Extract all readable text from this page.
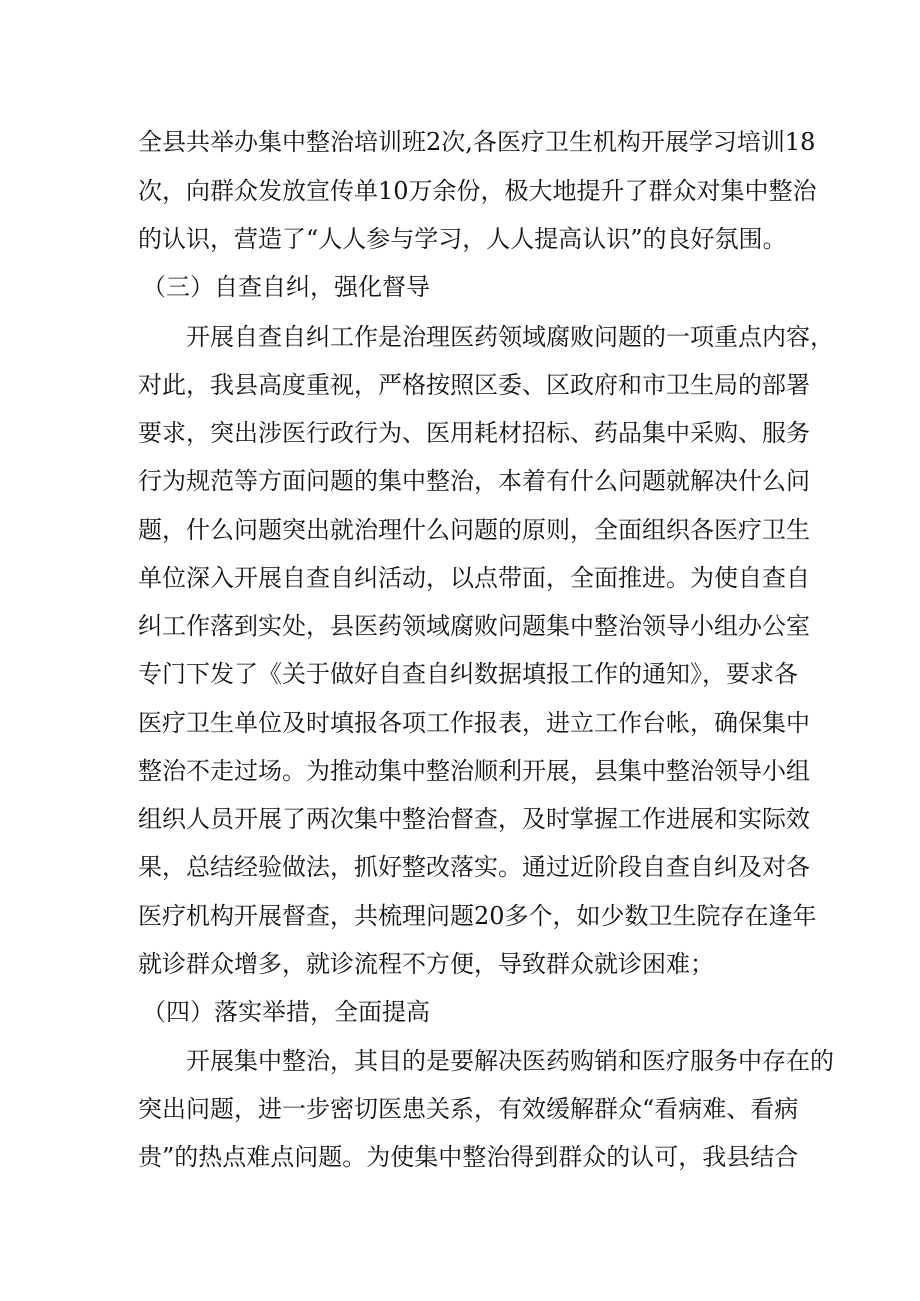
全县共举办集中整治培训班2次,各医疗卫生机构开展学习培训18
次，向群众发放宣传单10万余份，极大地提升了群众对集中整治
的认识，营造了“人人参与学习，人人提高认识”的良好氛围。
（三）自查自纠，强化督导
开展自查自纠工作是治理医药领域腐败问题的一项重点内容，
对此，我县高度重视，严格按照区委、区政府和市卫生局的部署
要求，突出涉医行政行为、医用耗材招标、药品集中采购、服务
行为规范等方面问题的集中整治，本着有什么问题就解决什么问
题，什么问题突出就治理什么问题的原则，全面组织各医疗卫生
单位深入开展自查自纠活动，以点带面，全面推进。为使自查自
纠工作落到实处，县医药领域腐败问题集中整治领导小组办公室
专门下发了《关于做好自查自纠数据填报工作的通知》，要求各
医疗卫生单位及时填报各项工作报表，进立工作台帐，确保集中
整治不走过场。为推动集中整治顺利开展，县集中整治领导小组
组织人员开展了两次集中整治督查，及时掌握工作进展和实际效
果，总结经验做法，抓好整改落实。通过近阶段自查自纠及对各
医疗机构开展督查，共梳理问题20多个，如少数卫生院存在逢年
就诊群众增多，就诊流程不方便，导致群众就诊困难；
（四）落实举措，全面提高
开展集中整治，其目的是要解决医药购销和医疗服务中存在的
突出问题，进一步密切医患关系，有效缓解群众“看病难、看病
贵”的热点难点问题。为使集中整治得到群众的认可，我县结合
